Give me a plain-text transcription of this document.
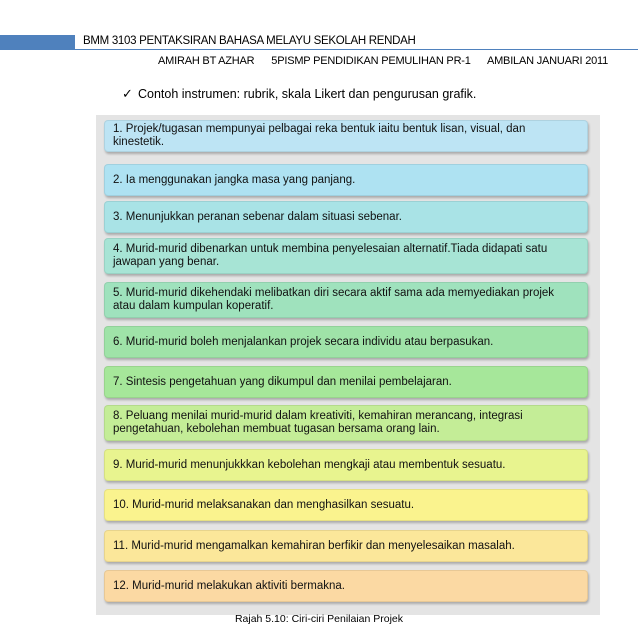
BMM 3103 PENTAKSIRAN BAHASA MELAYU SEKOLAH RENDAH
AMIRAH BT AZHAR 5PISMP PENDIDIKAN PEMULIHAN PR-1 AMBILAN JANUARI 2011
✓ Contoh instrumen: rubrik, skala Likert dan pengurusan grafik.
1. Projek/tugasan mempunyai pelbagai reka bentuk iaitu bentuk lisan, visual, dan kinestetik.
2. Ia menggunakan jangka masa yang panjang.
3. Menunjukkan peranan sebenar dalam situasi sebenar.
4. Murid-murid dibenarkan untuk membina penyelesaian alternatif.Tiada didapati satu jawapan yang benar.
5. Murid-murid dikehendaki melibatkan diri secara aktif sama ada memyediakan projek atau dalam kumpulan koperatif.
6. Murid-murid boleh menjalankan projek secara individu atau berpasukan.
7. Sintesis pengetahuan yang dikumpul dan menilai pembelajaran.
8. Peluang menilai murid-murid dalam kreativiti, kemahiran merancang, integrasi pengetahuan, kebolehan membuat tugasan bersama orang lain.
9. Murid-murid menunjukkkan kebolehan mengkaji atau membentuk sesuatu.
10. Murid-murid melaksanakan dan menghasilkan sesuatu.
11. Murid-murid mengamalkan kemahiran berfikir dan menyelesaikan masalah.
12. Murid-murid melakukan aktiviti bermakna.
Rajah 5.10: Ciri-ciri Penilaian Projek
